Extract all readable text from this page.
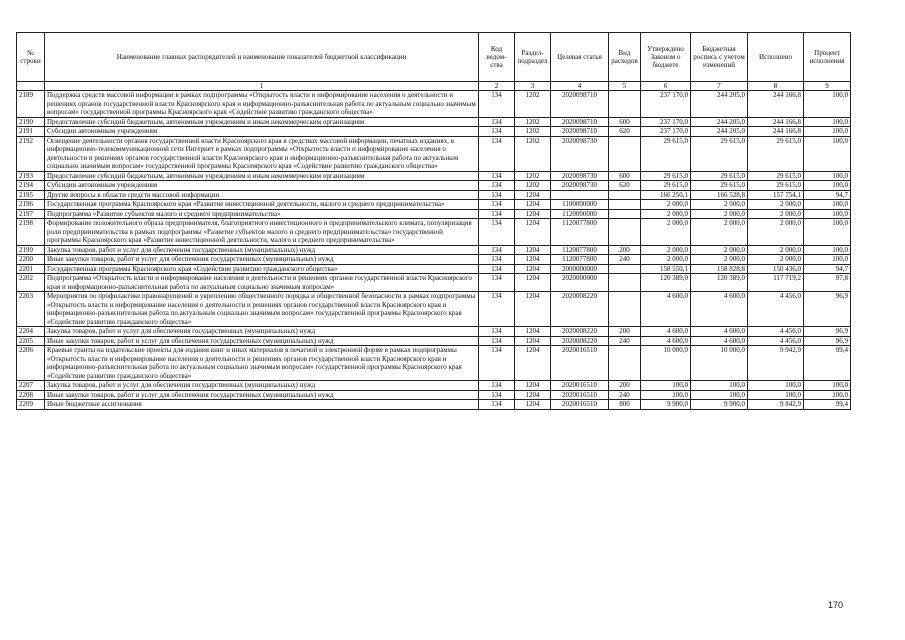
№ строки	Наименование главных распорядителей и наименование показателей бюджетной классификации	Код ведом-ства	Раздел-подраздел	Целевая статья	Вид расходов	Утверждено Законом о бюджете	Бюджетная роспись с учетом изменений	Исполнено	Процент исполнения
	1	2	3	4	5	6	7	8	9
2189	Поддержка средств массовой информации в рамках подпрограммы «Открытость власти и информирование населения о деятельности и решениях органов государственной власти Красноярского края и информационно-разъяснительная работа по актуальным социально значимым вопросам» государственной программы Красноярского края «Содействие развитию гражданского общества»	134	1202	2020098710		237 170,0	244 205,0	244 166,8	100,0
2190	Предоставление субсидий бюджетным, автономным учреждениям и иным некоммерческим организациям	134	1202	2020098710	600	237 170,0	244 205,0	244 166,8	100,0
2191	Субсидии автономным учреждениям	134	1202	2020098710	620	237 170,0	244 205,0	244 166,8	100,0
2192	Освещение деятельности органов государственной власти Красноярского края в средствах массовой информации, печатных изданиях, в информационно-телекоммуникационной сети Интернет в рамках подпрограммы «Открытость власти и информирование населения о деятельности и решениях органов государственной власти Красноярского края и информационно-разъяснительная работа по актуальным социально значимым вопросам» государственной программы Красноярского края «Содействие развитию гражданского общества»	134	1202	2020098730		29 615,0	29 615,0	29 615,0	100,0
2193	Предоставление субсидий бюджетным, автономным учреждениям и иным некоммерческим организациям	134	1202	2020098730	600	29 615,0	29 615,0	29 615,0	100,0
2194	Субсидии автономным учреждениям	134	1202	2020098730	620	29 615,0	29 615,0	29 615,0	100,0
2195	Другие вопросы в области средств массовой информации	134	1204			166 250,1	166 528,8	157 754,1	94,7
2196	Государственная программа Красноярского края «Развитие инвестиционной деятельности, малого и среднего предпринимательства»	134	1204	1100000000		2 000,0	2 000,0	2 000,0	100,0
2197	Подпрограмма «Развитие субъектов малого и среднего предпринимательства»	134	1204	1120000000		2 000,0	2 000,0	2 000,0	100,0
2198	Формирование положительного образа предпринимателя, благоприятного инвестиционного и предпринимательского климата, популяризация роли предпринимательства в рамках подпрограммы «Развитие субъектов малого и среднего предпринимательства» государственной программы Красноярского края «Развитие инвестиционной деятельности, малого и среднего предпринимательства»	134	1204	1120077800		2 000,0	2 000,0	2 000,0	100,0
2199	Закупка товаров, работ и услуг для обеспечения государственных (муниципальных) нужд	134	1204	1120077800	200	2 000,0	2 000,0	2 000,0	100,0
2200	Иные закупки товаров, работ и услуг для обеспечения государственных (муниципальных) нужд	134	1204	1120077800	240	2 000,0	2 000,0	2 000,0	100,0
2201	Государственная программа Красноярского края «Содействие развитию гражданского общества»	134	1204	2000000000		158 550,1	158 828,8	150 436,0	94,7
2202	Подпрограмма «Открытость власти и информирование населения о деятельности и решениях органов государственной власти Красноярского края и информационно-разъяснительная работа по актуальным социально значимым вопросам»	134	1204	2020000000		120 389,0	120 389,0	117 719,2	97,8
2203	Мероприятия по профилактике правонарушений и укреплению общественного порядка и общественной безопасности в рамках подпрограммы «Открытость власти и информирование населения о деятельности и решениях органов государственной власти Красноярского края и информационно-разъяснительная работа по актуальным социально значимым вопросам» государственной программы Красноярского края «Содействие развитию гражданского общества»	134	1204	2020008220		4 600,0	4 600,0	4 456,0	96,9
2204	Закупка товаров, работ и услуг для обеспечения государственных (муниципальных) нужд	134	1204	2020008220	200	4 600,0	4 600,0	4 456,0	96,9
2205	Иные закупки товаров, работ и услуг для обеспечения государственных (муниципальных) нужд	134	1204	2020008220	240	4 600,0	4 600,0	4 456,0	96,9
2206	Краевые гранты на издательские проекты для издания книг и иных материалов в печатной и электронной форме в рамках подпрограммы «Открытость власти и информирование населения о деятельности и решениях органов государственной власти Красноярского края и информационно-разъяснительная работа по актуальным социально значимым вопросам» государственной программы Красноярского края «Содействие развитию гражданского общества»	134	1204	2020016510		10 000,0	10 000,0	9 942,9	99,4
2207	Закупка товаров, работ и услуг для обеспечения государственных (муниципальных) нужд	134	1204	2020016510	200	100,0	100,0	100,0	100,0
2208	Иные закупки товаров, работ и услуг для обеспечения государственных (муниципальных) нужд	134	1204	2020016510	240	100,0	100,0	100,0	100,0
2209	Иные бюджетные ассигнования	134	1204	2020016510	800	9 900,0	9 900,0	9 842,9	99,4
170
